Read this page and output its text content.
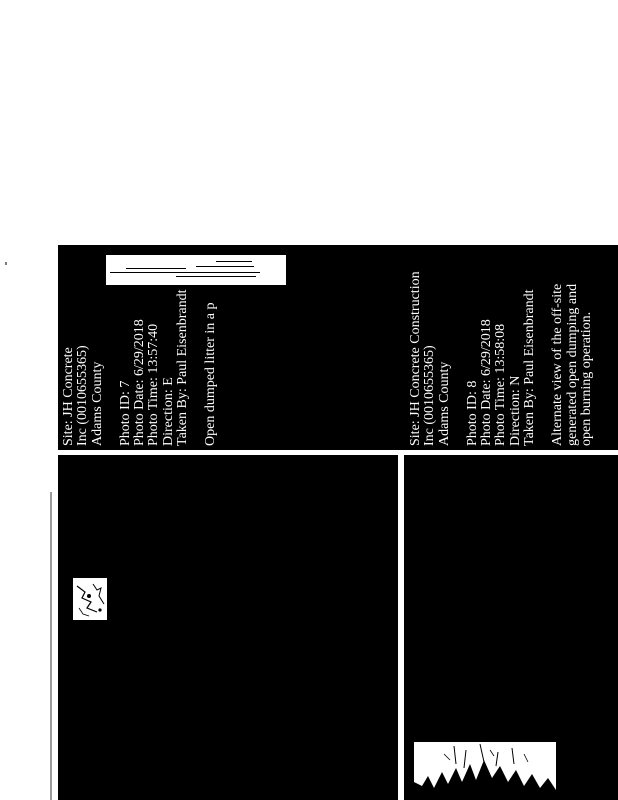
Site: JH Concrete Inc (0010655365) Adams County Photo ID: 7 Photo Date: 6/29/2018 Photo Time: 13:57:40 Direction: E Taken By: Paul Eisenbrandt Open dumped litter in a p	Site: JH Concrete Construction Inc (0010655365) Adams County Photo ID: 8 Photo Date: 6/29/2018 Photo Time: 13:58:08 Direction: N Taken By: Paul Eisenbrandt Alternate view of the off-site generated open dumping and open burning operation.
